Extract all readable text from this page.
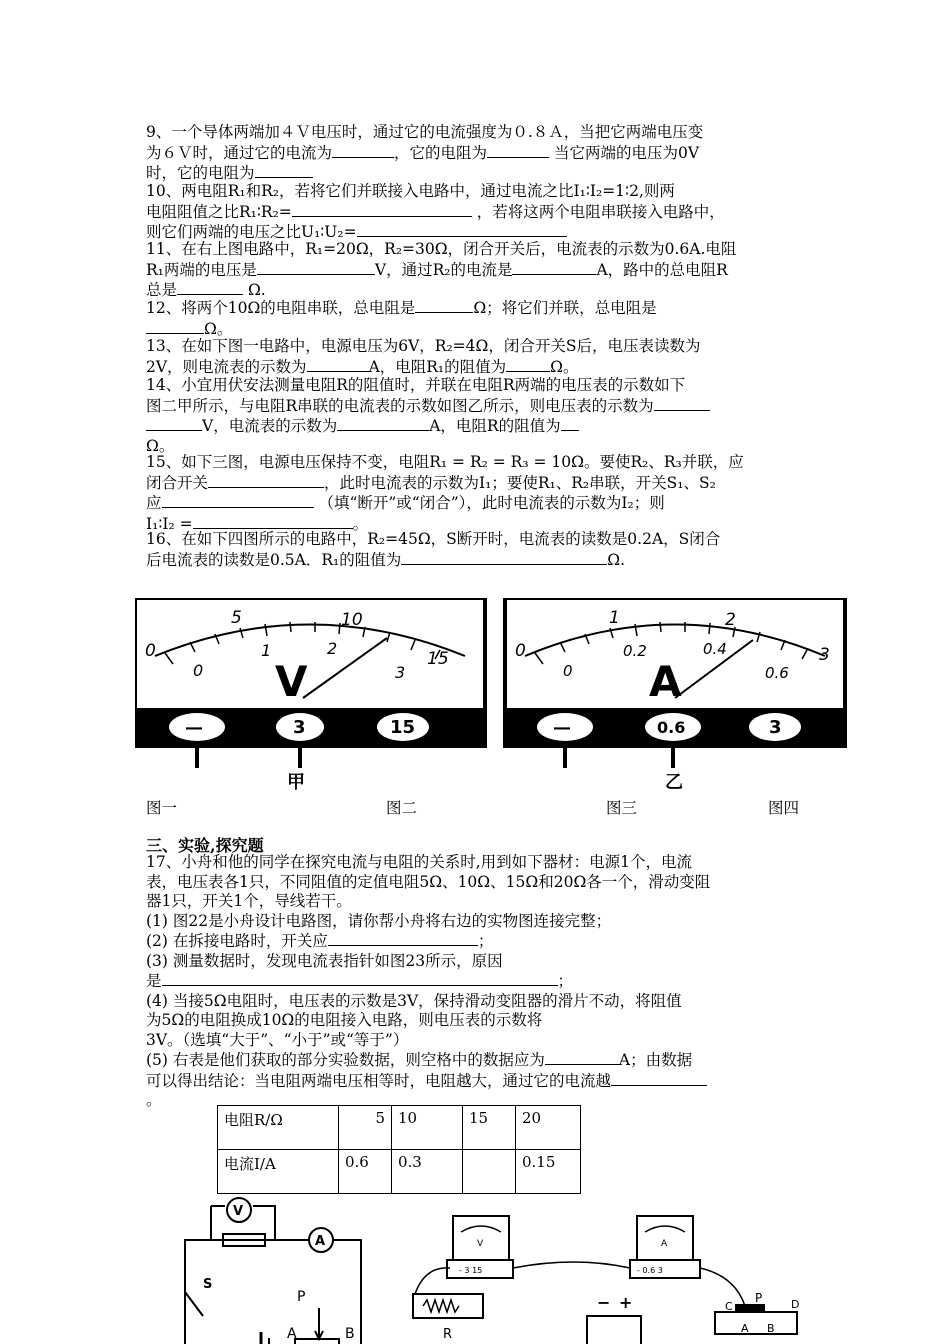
9、一个导体两端加４Ｖ电压时，通过它的电流强度为０.８Ａ，当把它两端电压变
为６Ｖ时，通过它的电流为	，它的电阻为	当它两端的电压为0V
时，它的电阻为
10、两电阻R₁和R₂，若将它们并联接入电路中，通过电流之比I₁∶I₂=1∶2,则两
电阻阻值之比R₁∶R₂=	，若将这两个电阻串联接入电路中，
则它们两端的电压之比U₁∶U₂=
11、在右上图电路中，R₁=20Ω，R₂=30Ω，闭合开关后，电流表的示数为0.6A.电阻
R₁两端的电压是	V，通过R₂的电流是	A，路中的总电阻R
总是	Ω.
12、将两个10Ω的电阻串联，总电阻是	Ω；将它们并联，总电阻是
Ω。
13、在如下图一电路中，电源电压为6V，R₂=4Ω，闭合开关S后，电压表读数为
2V，则电流表的示数为	A，电阻R₁的阻值为	Ω。
14、小宜用伏安法测量电阻R的阻值时，并联在电阻R两端的电压表的示数如下
图二甲所示，与电阻R串联的电流表的示数如图乙所示，则电压表的示数为
V，电流表的示数为	A，电阻R的阻值为
Ω。
15、如下三图，电源电压保持不变，电阻R₁ = R₂ = R₃ = 10Ω。要使R₂、R₃并联，应
闭合开关	，此时电流表的示数为I₁；要使R₁、R₂串联，开关S₁、S₂
应	（填“断开”或“闭合”），此时电流表的示数为I₂；则
I₁∶I₂ =	。
16、在如下四图所示的电路中，R₂=45Ω，S断开时，电流表的读数是0.2A，S闭合
后电流表的读数是0.5A．R₁的阻值为	Ω.
0
5	10
15
0
1	2
3
V
—	3	15
甲
0
1	2
3
0
0.2	0.4
0.6
A
—	0.6	3
乙
图一	图二	图三	图四
三、实验,探究题
17、小舟和他的同学在探究电流与电阻的关系时,用到如下器材：电源1个，电流
表，电压表各1只，不同阻值的定值电阻5Ω、10Ω、15Ω和20Ω各一个，滑动变阻
器1只，开关1个，导线若干。
(1) 图22是小舟设计电路图，请你帮小舟将右边的实物图连接完整；
(2) 在拆接电路时，开关应	；
(3) 测量数据时，发现电流表指针如图23所示，原因
是	；
(4) 当接5Ω电阻时，电压表的示数是3V，保持滑动变阻器的滑片不动，将阻值
为5Ω的电阻换成10Ω的电阻接入电路，则电压表的示数将
3V。（选填“大于”、“小于”或“等于”）
(5) 右表是他们获取的部分实验数据，则空格中的数据应为	A；由数据
可以得出结论：当电阻两端电压相等时，电阻越大，通过它的电流越
。
电阻R/Ω	5	10	15	20
电流I/A	0.6	0.3		0.15
V
A
S
P
A	B
V
- 3 15
A
- 0.6 3
R
− +	C
P	D
A B
